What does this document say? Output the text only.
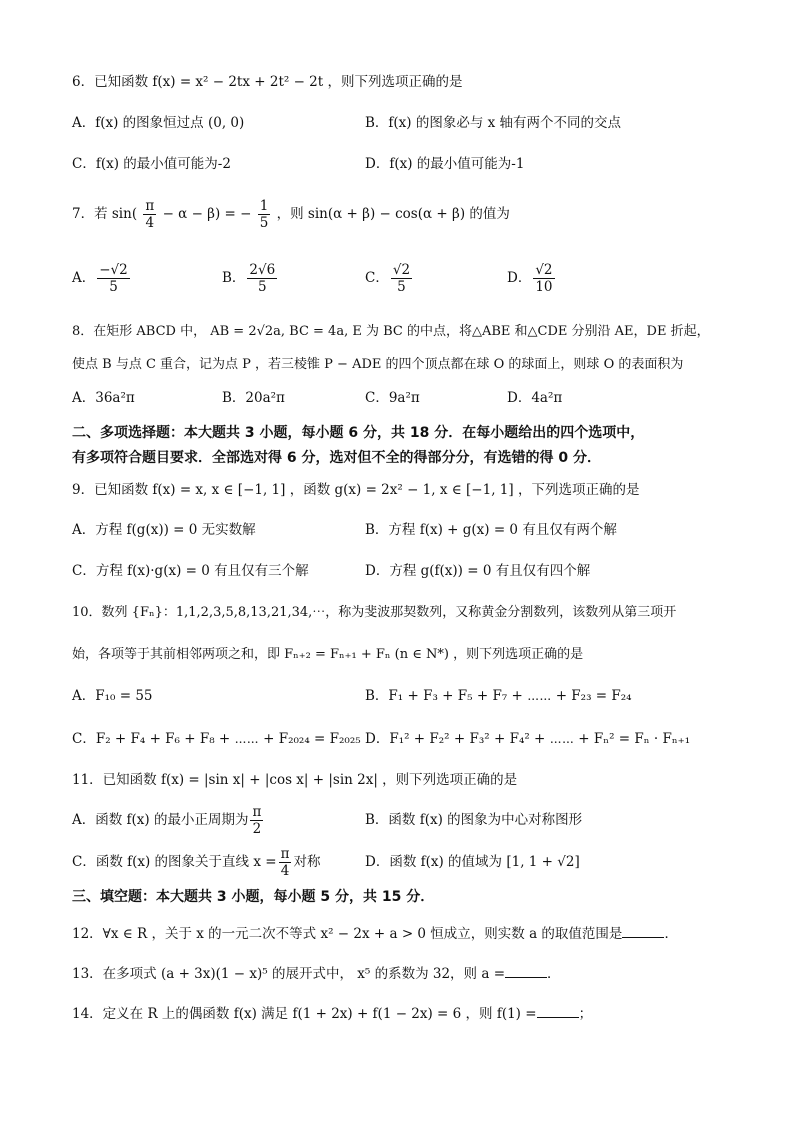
6．已知函数 f(x) = x² − 2tx + 2t² − 2t ，则下列选项正确的是
A．f(x) 的图象恒过点 (0, 0)	B．f(x) 的图象必与 x 轴有两个不同的交点
C．f(x) 的最小值可能为-2	D．f(x) 的最小值可能为-1
7．若 $\sin( \frac{\pi}{4} - \alpha - \beta)$ = − $\frac{1}{5}$ ，则 sin(α + β) − cos(α + β) 的值为
A． $\frac{-√2}{5}$	B． $\frac{2√6}{5}$	C． $\frac{√2}{5}$	D． $\frac{√2}{10}$
8．在矩形 ABCD 中， AB = 2√2a, BC = 4a, E 为 BC 的中点，将△ABE 和△CDE 分别沿 AE，DE 折起，
使点 B 与点 C 重合，记为点 P ，若三棱锥 P − ADE 的四个顶点都在球 O 的球面上，则球 O 的表面积为
A．36a²π	B．20a²π	C．9a²π	D．4a²π
二、多项选择题：本大题共 3 小题，每小题 6 分，共 18 分．在每小题给出的四个选项中，
有多项符合题目要求．全部选对得 6 分，选对但不全的得部分分，有选错的得 0 分．
9．已知函数 f(x) = x, x ∈ [−1, 1] ，函数 g(x) = 2x² − 1, x ∈ [−1, 1] ，下列选项正确的是
A．方程 f(g(x)) = 0 无实数解	B．方程 f(x) + g(x) = 0 有且仅有两个解
C．方程 f(x)·g(x) = 0 有且仅有三个解	D．方程 g(f(x)) = 0 有且仅有四个解
10．数列 {Fₙ}：1,1,2,3,5,8,13,21,34,⋯，称为斐波那契数列，又称黄金分割数列，该数列从第三项开
始，各项等于其前相邻两项之和，即 Fₙ₊₂ = Fₙ₊₁ + Fₙ (n ∈ N*) ，则下列选项正确的是
A．F₁₀ = 55	B．F₁ + F₃ + F₅ + F₇ + ⋯⋯ + F₂₃ = F₂₄
C．F₂ + F₄ + F₆ + F₈ + ⋯⋯ + F₂₀₂₄ = F₂₀₂₅ D．F₁² + F₂² + F₃² + F₄² + ⋯⋯ + Fₙ² = Fₙ · Fₙ₊₁
11．已知函数 f(x) = |sin x| + |cos x| + |sin 2x| ，则下列选项正确的是
A．函数 f(x) 的最小正周期为 $\frac{\pi}{2}$	B．函数 f(x) 的图象为中心对称图形
C．函数 f(x) 的图象关于直线 $x = \frac{\pi}{4}$ 对称	D．函数 f(x) 的值域为 [1, 1 + √2]
三、填空题：本大题共 3 小题，每小题 5 分，共 15 分．
12．∀x ∈ R ，关于 x 的一元二次不等式 x² − 2x + a > 0 恒成立，则实数 a 的取值范围是	．
13．在多项式 (a + 3x)(1 − x)⁵ 的展开式中， x⁵ 的系数为 32，则 a =	．
14．定义在 R 上的偶函数 f(x) 满足 f(1 + 2x) + f(1 − 2x) = 6 ，则 f(1) =	；
